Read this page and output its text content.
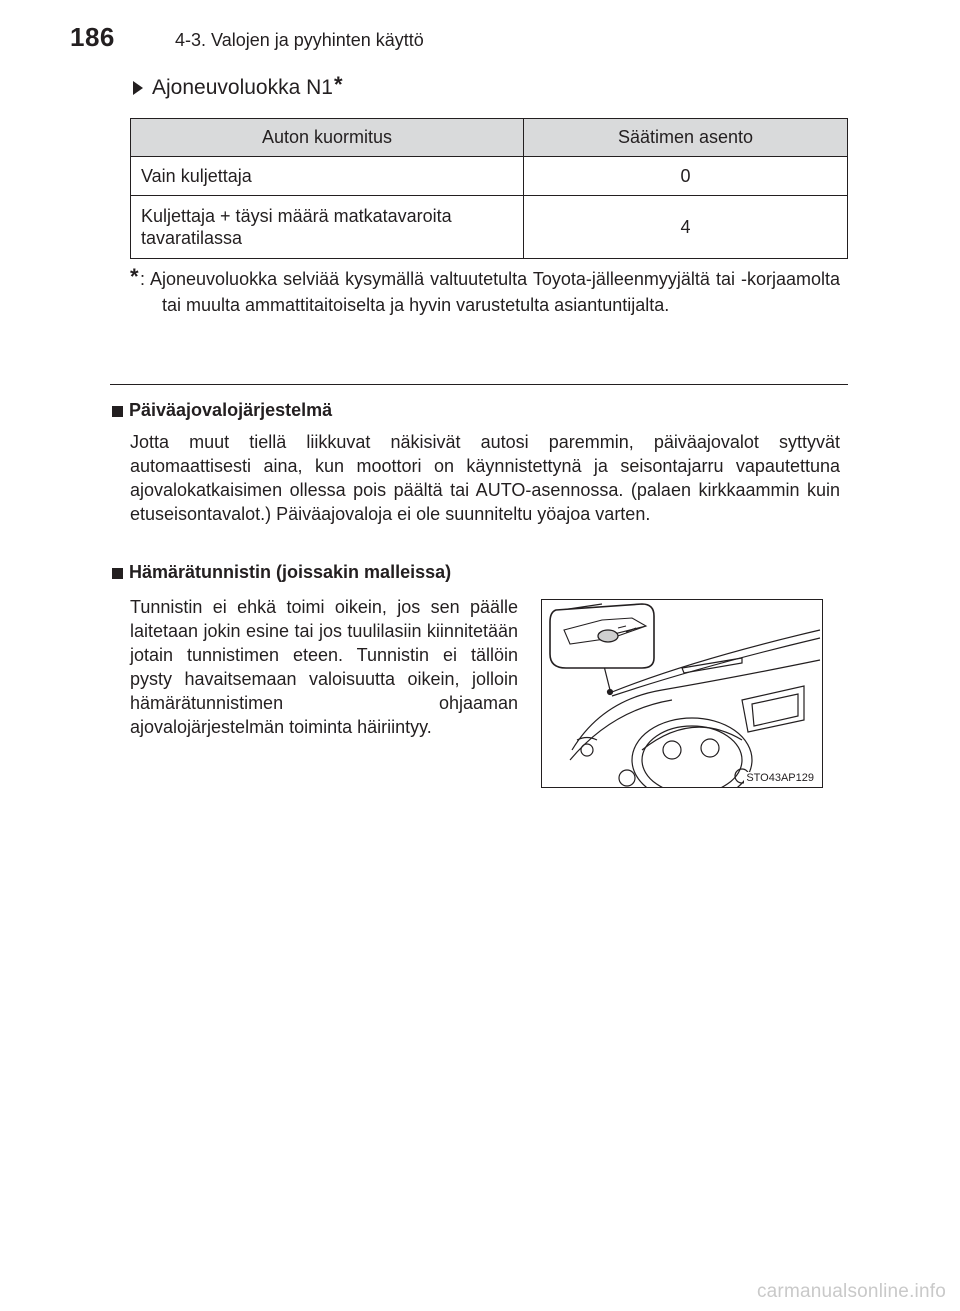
186	4-3. Valojen ja pyyhinten käyttö
Ajoneuvoluokka N1*
Auton kuormitus	Säätimen asento
Vain kuljettaja	0
Kuljettaja + täysi määrä matkatavaroita tavaratilassa	4
* : Ajoneuvoluokka selviää kysymällä valtuutetulta Toyota-jälleenmyyjältä tai -korjaamolta tai muulta ammattitaitoiselta ja hyvin varustetulta asiantuntijalta.
Päiväajovalojärjestelmä
Jotta muut tiellä liikkuvat näkisivät autosi paremmin, päiväajovalot syttyvät automaattisesti aina, kun moottori on käynnistettynä ja seisontajarru vapautettuna ajovalokatkaisimen ollessa pois päältä tai AUTO-asennossa. (palaen kirkkaammin kuin etuseisontavalot.) Päiväajovaloja ei ole suunniteltu yöajoa varten.
Hämärätunnistin (joissakin malleissa)
Tunnistin ei ehkä toimi oikein, jos sen päälle laitetaan jokin esine tai jos tuulilasiin kiinnitetään jotain tunnistimen eteen. Tunnistin ei tällöin pysty havaitsemaan valoisuutta oikein, jolloin hämärätunnistimen ohjaaman ajovalojärjestelmän toiminta häiriintyy.
STO43AP129
carmanualsonline.info
